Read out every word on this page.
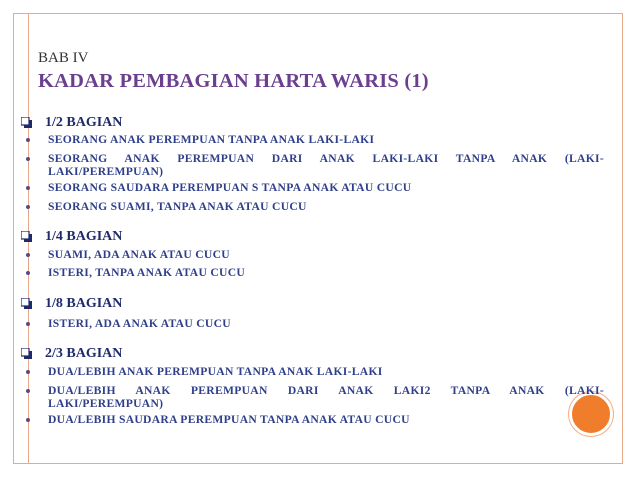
BAB IV
KADAR PEMBAGIAN HARTA WARIS (1)
1/2 BAGIAN
SEORANG ANAK PEREMPUAN TANPA ANAK LAKI-LAKI
SEORANG ANAK PEREMPUAN DARI ANAK LAKI-LAKI TANPA ANAK (LAKI-
LAKI/PEREMPUAN)
SEORANG SAUDARA PEREMPUAN S TANPA ANAK ATAU CUCU
SEORANG SUAMI, TANPA ANAK ATAU CUCU
1/4 BAGIAN
SUAMI, ADA ANAK ATAU CUCU
ISTERI, TANPA ANAK ATAU CUCU
1/8 BAGIAN
ISTERI, ADA ANAK ATAU CUCU
2/3 BAGIAN
DUA/LEBIH ANAK PEREMPUAN TANPA ANAK LAKI-LAKI
DUA/LEBIH ANAK PEREMPUAN DARI ANAK LAKI2 TANPA ANAK (LAKI-
LAKI/PEREMPUAN)
DUA/LEBIH SAUDARA PEREMPUAN TANPA ANAK ATAU CUCU
